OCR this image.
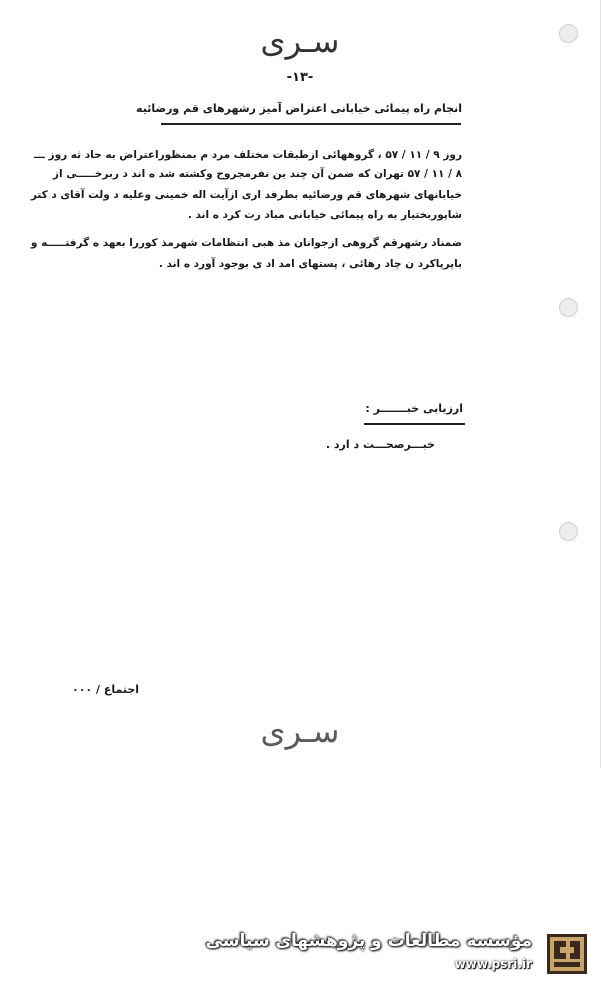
سـری
-۱۳-
انجام راه پیمائی خیابانی اعتراض آمیز رشهرهای قم ورضائیه
روز ۹ / ۱۱ / ۵۷ ، گروههائی ازطبقات مختلف مرد م بمنظوراعتراض به حاد ثه روز ـــ
۸ / ۱۱ / ۵۷ تهران که ضمن آن چند ین نفرمجروح وکشته شد ه اند د ربرخـــــی از
خیابانهای شهرهای قم ورضائیه بطرفد اری ازآیت اله خمینی وعلیه د ولت آقای د کتر
شاپوربختیار به راه پیمائی خیابانی مباد رت کرد ه اند .
ضمناد رشهرقم گروهی ازجوانان مذ هبی انتظامات شهرمذ کوررا بعهد ه گرفتـــــه و
باپرپاکرد ن چاد رهائی ، پستهای امد اد ی بوجود آورد ه اند .
ارزیابی خبـــــــر :
خبـــرصحـــت د ارد .
اجتماع / ۰۰۰
سـری
مؤسسه مطالعات و پژوهشهای سیاسی
www.psri.ir
